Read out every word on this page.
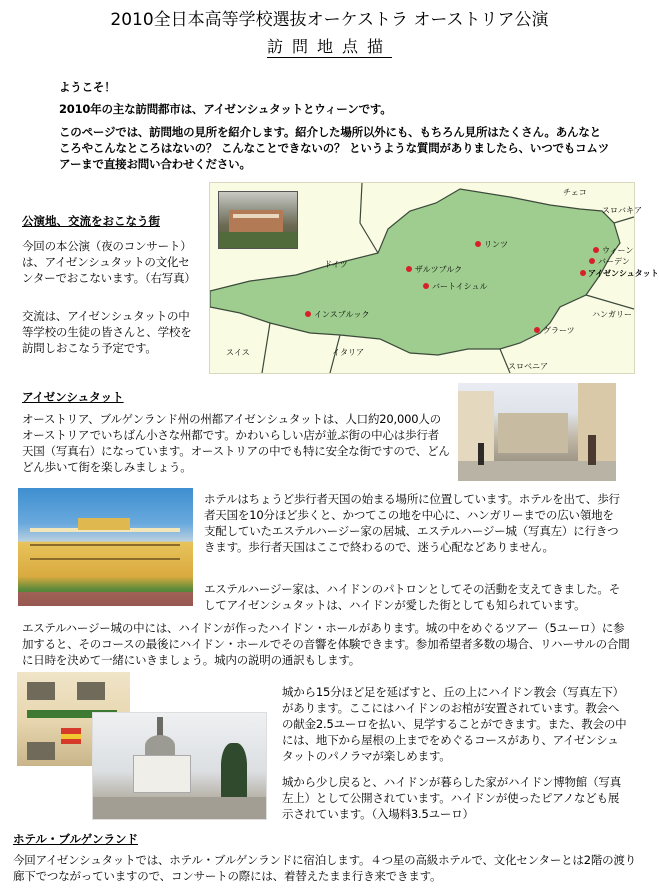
2010全日本高等学校選抜オーケストラ オーストリア公演
訪問地点描
ようこそ！
2010年の主な訪問都市は、アイゼンシュタットとウィーンです。
このページでは、訪問地の見所を紹介します。紹介した場所以外にも、もちろん見所はたくさん。あんなところやこんなところはないの？ こんなことできないの？ というような質問がありましたら、いつでもコムツアーまで直接お問い合わせください。
公演地、交流をおこなう街
今回の本公演（夜のコンサート）は、アイゼンシュタットの文化センターでおこないます。（右写真）
交流は、アイゼンシュタットの中等学校の生徒の皆さんと、学校を訪問しおこなう予定です。
チェコ
ドイツ
スロバキア
ハンガリー
スイス	イタリア
スロベニア
リンツ
ザルツブルク
バートイシュル
インスブルック
グラーツ
ウィーン
バーデン
アイゼンシュタット
アイゼンシュタット
オーストリア、ブルゲンランド州の州都アイゼンシュタットは、人口約20,000人のオーストリアでいちばん小さな州都です。かわいらしい店が並ぶ街の中心は歩行者天国（写真右）になっています。オーストリアの中でも特に安全な街ですので、どんどん歩いて街を楽しみましょう。
ホテルはちょうど歩行者天国の始まる場所に位置しています。ホテルを出て、歩行者天国を10分ほど歩くと、かつてこの地を中心に、ハンガリーまでの広い領地を支配していたエステルハージー家の居城、エステルハージー城（写真左）に行きつきます。歩行者天国はここで終わるので、迷う心配などありません。
エステルハージー家は、ハイドンのパトロンとしてその活動を支えてきました。そしてアイゼンシュタットは、ハイドンが愛した街としても知られています。
エステルハージー城の中には、ハイドンが作ったハイドン・ホールがあります。城の中をめぐるツアー（5ユーロ）に参加すると、そのコースの最後にハイドン・ホールでその音響を体験できます。参加希望者多数の場合、リハーサルの合間に日時を決めて一緒にいきましょう。城内の説明の通訳もします。
城から15分ほど足を延ばすと、丘の上にハイドン教会（写真左下）があります。ここにはハイドンのお棺が安置されています。教会への献金2.5ユーロを払い、見学することができます。また、教会の中には、地下から屋根の上までをめぐるコースがあり、アイゼンシュタットのパノラマが楽しめます。
城から少し戻ると、ハイドンが暮らした家がハイドン博物館（写真左上）として公開されています。ハイドンが使ったピアノなども展示されています。（入場料3.5ユーロ）
ホテル・ブルゲンランド
今回アイゼンシュタットでは、ホテル・ブルゲンランドに宿泊します。４つ星の高級ホテルで、文化センターとは2階の渡り廊下でつながっていますので、コンサートの際には、着替えたまま行き来できます。
